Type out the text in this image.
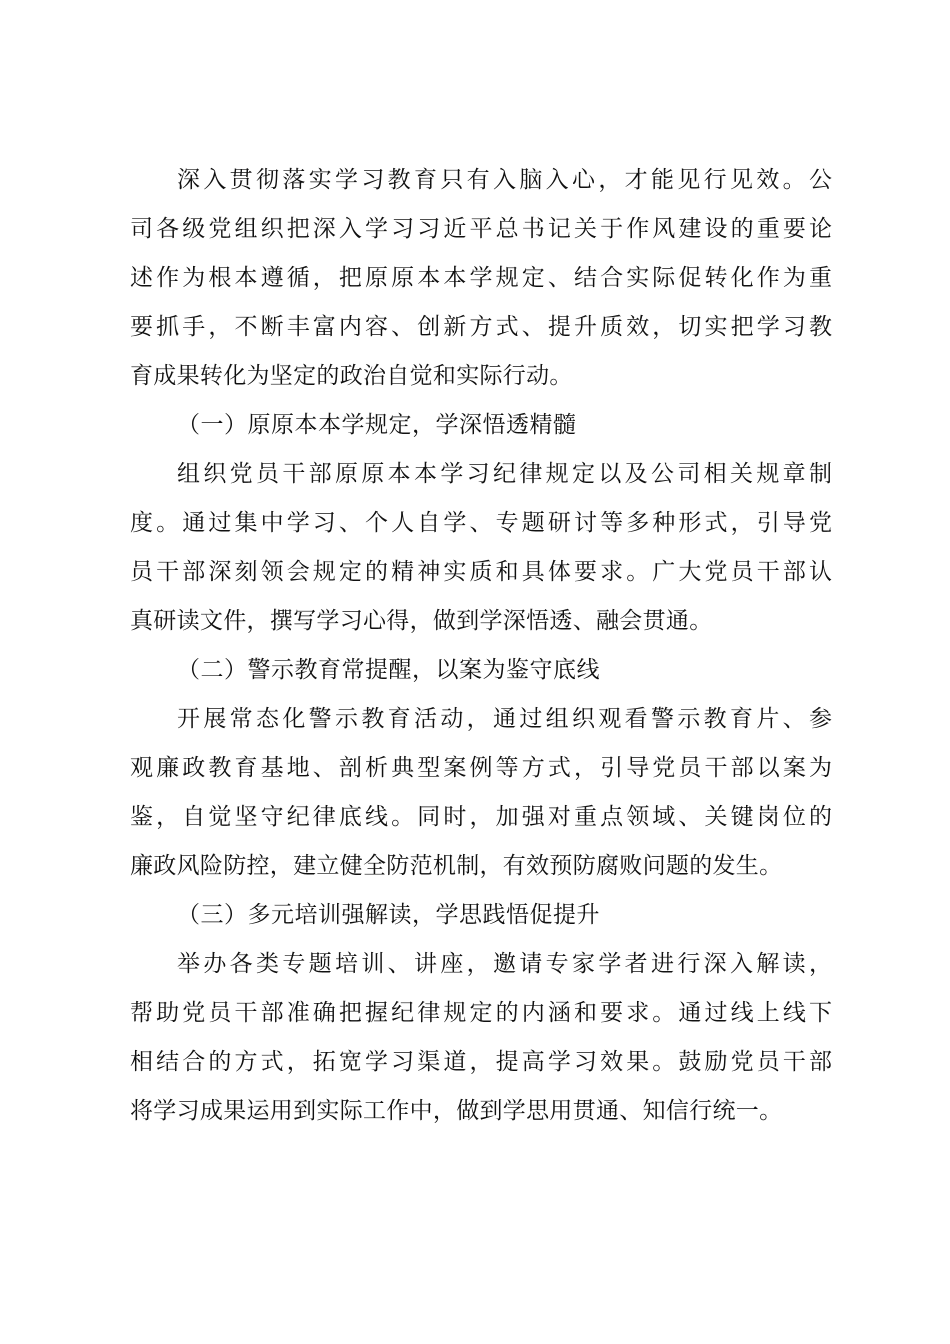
深入贯彻落实学习教育只有入脑入心，才能见行见效。公
司各级党组织把深入学习习近平总书记关于作风建设的重要论
述作为根本遵循，把原原本本学规定、结合实际促转化作为重
要抓手，不断丰富内容、创新方式、提升质效，切实把学习教
育成果转化为坚定的政治自觉和实际行动。
（一）原原本本学规定，学深悟透精髓
组织党员干部原原本本学习纪律规定以及公司相关规章制
度。通过集中学习、个人自学、专题研讨等多种形式，引导党
员干部深刻领会规定的精神实质和具体要求。广大党员干部认
真研读文件，撰写学习心得，做到学深悟透、融会贯通。
（二）警示教育常提醒，以案为鉴守底线
开展常态化警示教育活动，通过组织观看警示教育片、参
观廉政教育基地、剖析典型案例等方式，引导党员干部以案为
鉴，自觉坚守纪律底线。同时，加强对重点领域、关键岗位的
廉政风险防控，建立健全防范机制，有效预防腐败问题的发生。
（三）多元培训强解读，学思践悟促提升
举办各类专题培训、讲座，邀请专家学者进行深入解读，
帮助党员干部准确把握纪律规定的内涵和要求。通过线上线下
相结合的方式，拓宽学习渠道，提高学习效果。鼓励党员干部
将学习成果运用到实际工作中，做到学思用贯通、知信行统一。
